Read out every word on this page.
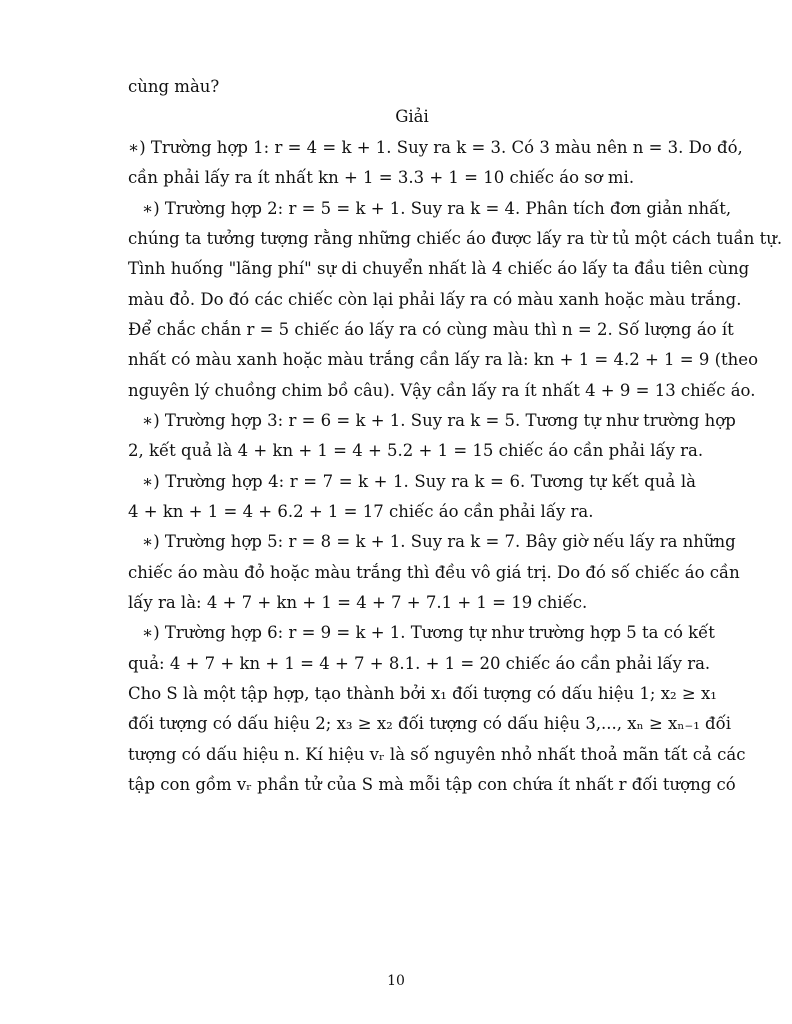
cùng màu?
Giải
∗) Trường hợp 1: r = 4 = k + 1. Suy ra k = 3. Có 3 màu nên n = 3. Do đó,
cần phải lấy ra ít nhất kn + 1 = 3.3 + 1 = 10 chiếc áo sơ mi.
∗) Trường hợp 2: r = 5 = k + 1. Suy ra k = 4. Phân tích đơn giản nhất,
chúng ta tưởng tượng rằng những chiếc áo được lấy ra từ tủ một cách tuần tự.
Tình huống "lãng phí" sự di chuyển nhất là 4 chiếc áo lấy ta đầu tiên cùng
màu đỏ. Do đó các chiếc còn lại phải lấy ra có màu xanh hoặc màu trắng.
Để chắc chắn r = 5 chiếc áo lấy ra có cùng màu thì n = 2. Số lượng áo ít
nhất có màu xanh hoặc màu trắng cần lấy ra là: kn + 1 = 4.2 + 1 = 9 (theo
nguyên lý chuồng chim bồ câu). Vậy cần lấy ra ít nhất 4 + 9 = 13 chiếc áo.
∗) Trường hợp 3: r = 6 = k + 1. Suy ra k = 5. Tương tự như trường hợp
2, kết quả là 4 + kn + 1 = 4 + 5.2 + 1 = 15 chiếc áo cần phải lấy ra.
∗) Trường hợp 4: r = 7 = k + 1. Suy ra k = 6. Tương tự kết quả là
4 + kn + 1 = 4 + 6.2 + 1 = 17 chiếc áo cần phải lấy ra.
∗) Trường hợp 5: r = 8 = k + 1. Suy ra k = 7. Bây giờ nếu lấy ra những
chiếc áo màu đỏ hoặc màu trắng thì đều vô giá trị. Do đó số chiếc áo cần
lấy ra là: 4 + 7 + kn + 1 = 4 + 7 + 7.1 + 1 = 19 chiếc.
∗) Trường hợp 6: r = 9 = k + 1. Tương tự như trường hợp 5 ta có kết
quả: 4 + 7 + kn + 1 = 4 + 7 + 8.1. + 1 = 20 chiếc áo cần phải lấy ra.
Cho S là một tập hợp, tạo thành bởi x₁ đối tượng có dấu hiệu 1; x₂ ≥ x₁
đối tượng có dấu hiệu 2; x₃ ≥ x₂ đối tượng có dấu hiệu 3,..., xₙ ≥ xₙ₋₁ đối
tượng có dấu hiệu n. Kí hiệu vᵣ là số nguyên nhỏ nhất thoả mãn tất cả các
tập con gồm vᵣ phần tử của S mà mỗi tập con chứa ít nhất r đối tượng có
10
